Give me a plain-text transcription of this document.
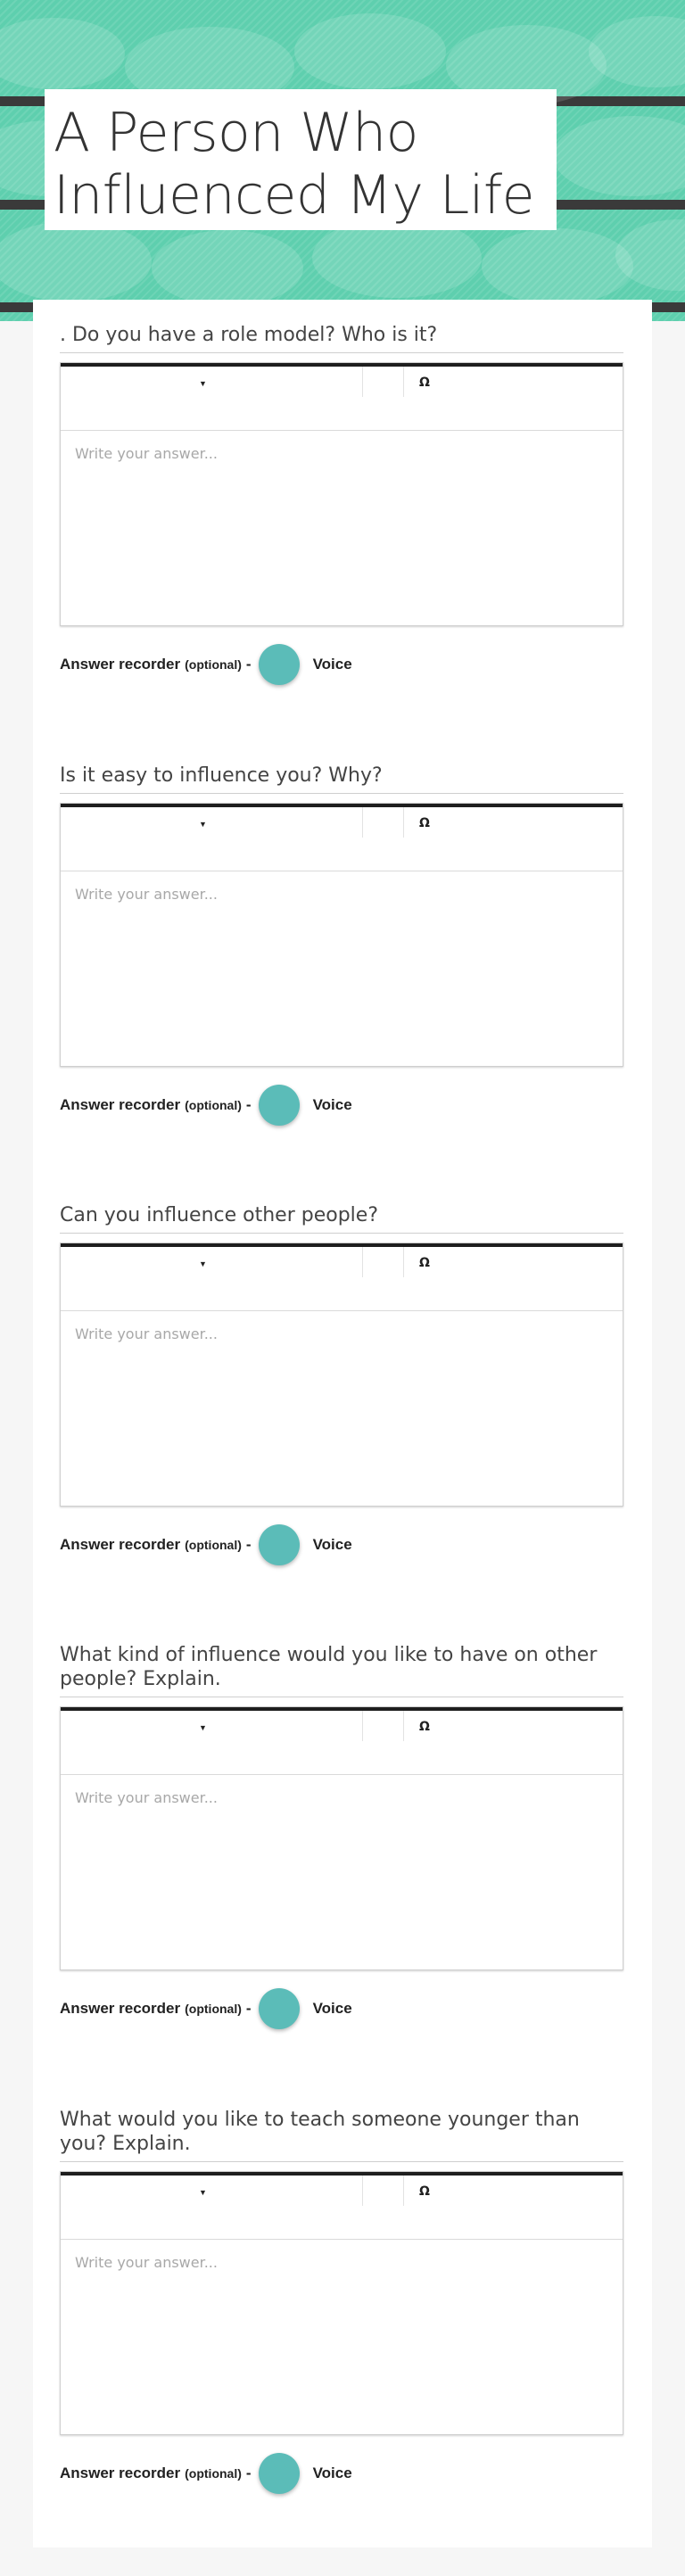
A Person Who Influenced My Life
. Do you have a role model? Who is it?
▼	Ω
Write your answer...
Answer recorder (optional) -	Voice
Is it easy to influence you? Why?
▼	Ω
Write your answer...
Answer recorder (optional) -	Voice
Can you influence other people?
▼	Ω
Write your answer...
Answer recorder (optional) -	Voice
What kind of influence would you like to have on other people? Explain.
▼	Ω
Write your answer...
Answer recorder (optional) -	Voice
What would you like to teach someone younger than you? Explain.
▼	Ω
Write your answer...
Answer recorder (optional) -	Voice
